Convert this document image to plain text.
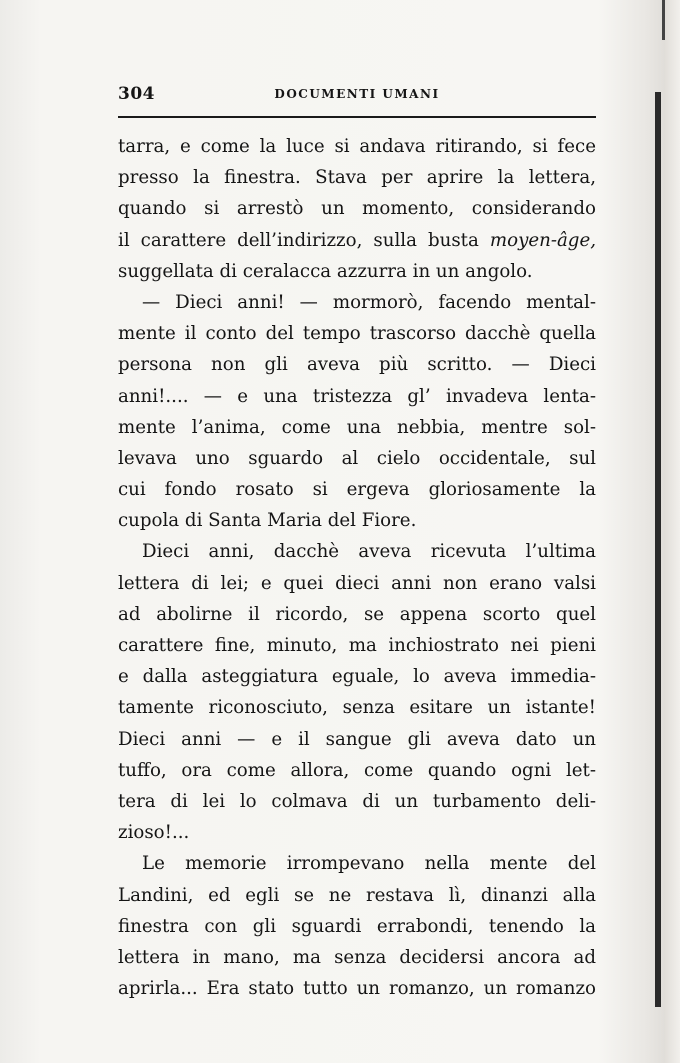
304	DOCUMENTI UMANI
tarra, e come la luce si andava ritirando, si fece
presso la finestra. Stava per aprire la lettera,
quando si arrestò un momento, considerando
il carattere dell’indirizzo, sulla busta moyen-âge,
suggellata di ceralacca azzurra in un angolo.
— Dieci anni! — mormorò, facendo mental-
mente il conto del tempo trascorso dacchè quella
persona non gli aveva più scritto. — Dieci
anni!.... — e una tristezza gl’ invadeva lenta-
mente l’anima, come una nebbia, mentre sol-
levava uno sguardo al cielo occidentale, sul
cui fondo rosato si ergeva gloriosamente la
cupola di Santa Maria del Fiore.
Dieci anni, dacchè aveva ricevuta l’ultima
lettera di lei; e quei dieci anni non erano valsi
ad abolirne il ricordo, se appena scorto quel
carattere fine, minuto, ma inchiostrato nei pieni
e dalla asteggiatura eguale, lo aveva immedia-
tamente riconosciuto, senza esitare un istante!
Dieci anni — e il sangue gli aveva dato un
tuffo, ora come allora, come quando ogni let-
tera di lei lo colmava di un turbamento deli-
zioso!...
Le memorie irrompevano nella mente del
Landini, ed egli se ne restava lì, dinanzi alla
finestra con gli sguardi errabondi, tenendo la
lettera in mano, ma senza decidersi ancora ad
aprirla... Era stato tutto un romanzo, un romanzo
